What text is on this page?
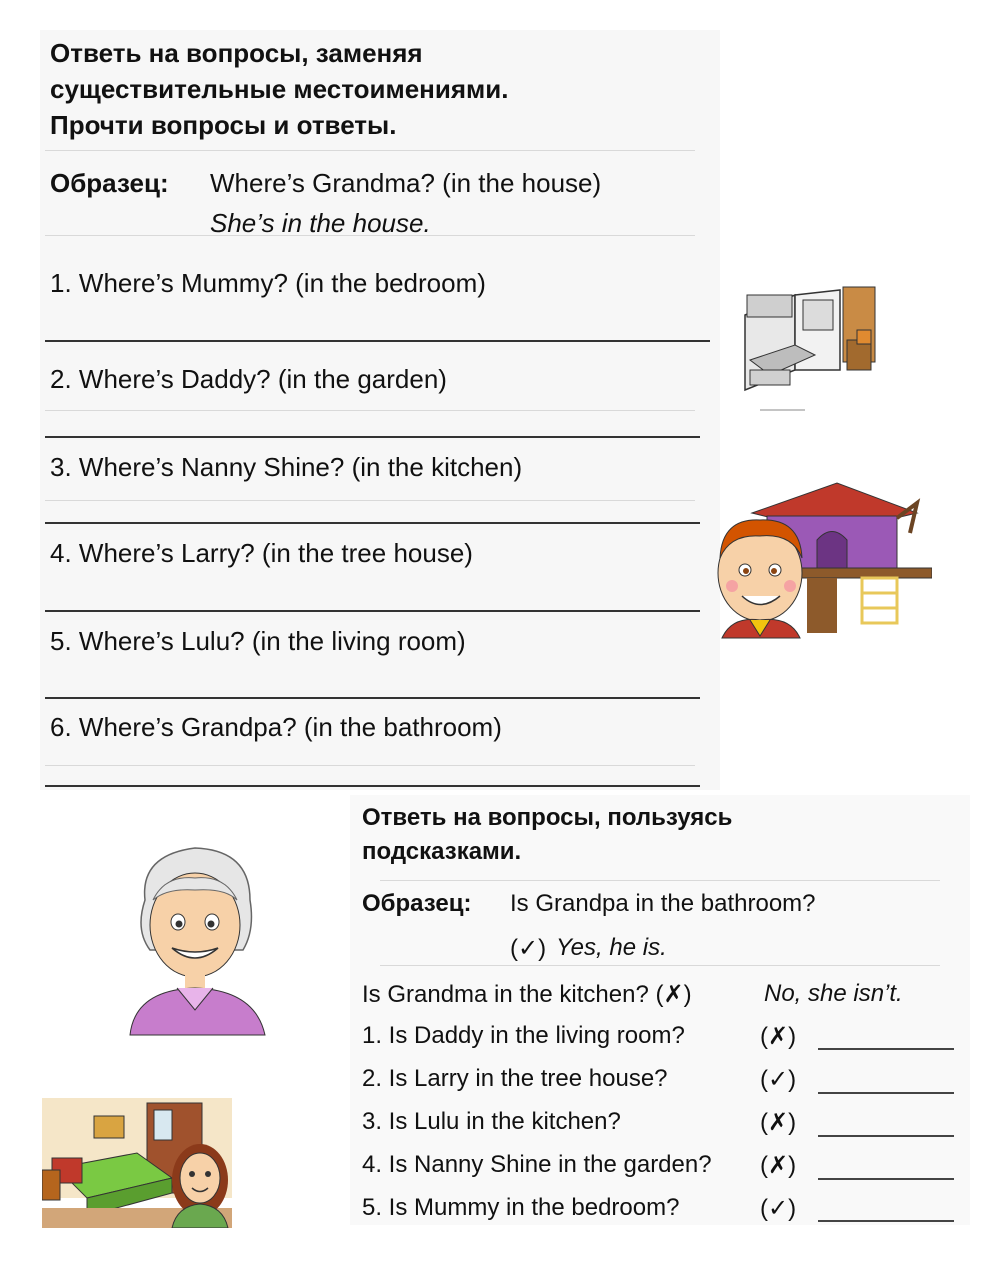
Ответь на вопросы, заменяя
существительные местоимениями.
Прочти вопросы и ответы.
Образец: Where’s Grandma? (in the house)
She’s in the house.
1. Where’s Mummy? (in the bedroom)
2. Where’s Daddy? (in the garden)
3. Where’s Nanny Shine? (in the kitchen)
4. Where’s Larry? (in the tree house)
5. Where’s Lulu? (in the living room)
6. Where’s Grandpa? (in the bathroom)
Ответь на вопросы, пользуясь
подсказками.
Образец: Is Grandpa in the bathroom?
(✓) Yes, he is.
Is Grandma in the kitchen? (✗)	No, she isn’t.
1. Is Daddy in the living room?	(✗)
2. Is Larry in the tree house?	(✓)
3. Is Lulu in the kitchen?	(✗)
4. Is Nanny Shine in the garden? (✗)
5. Is Mummy in the bedroom?	(✓)
